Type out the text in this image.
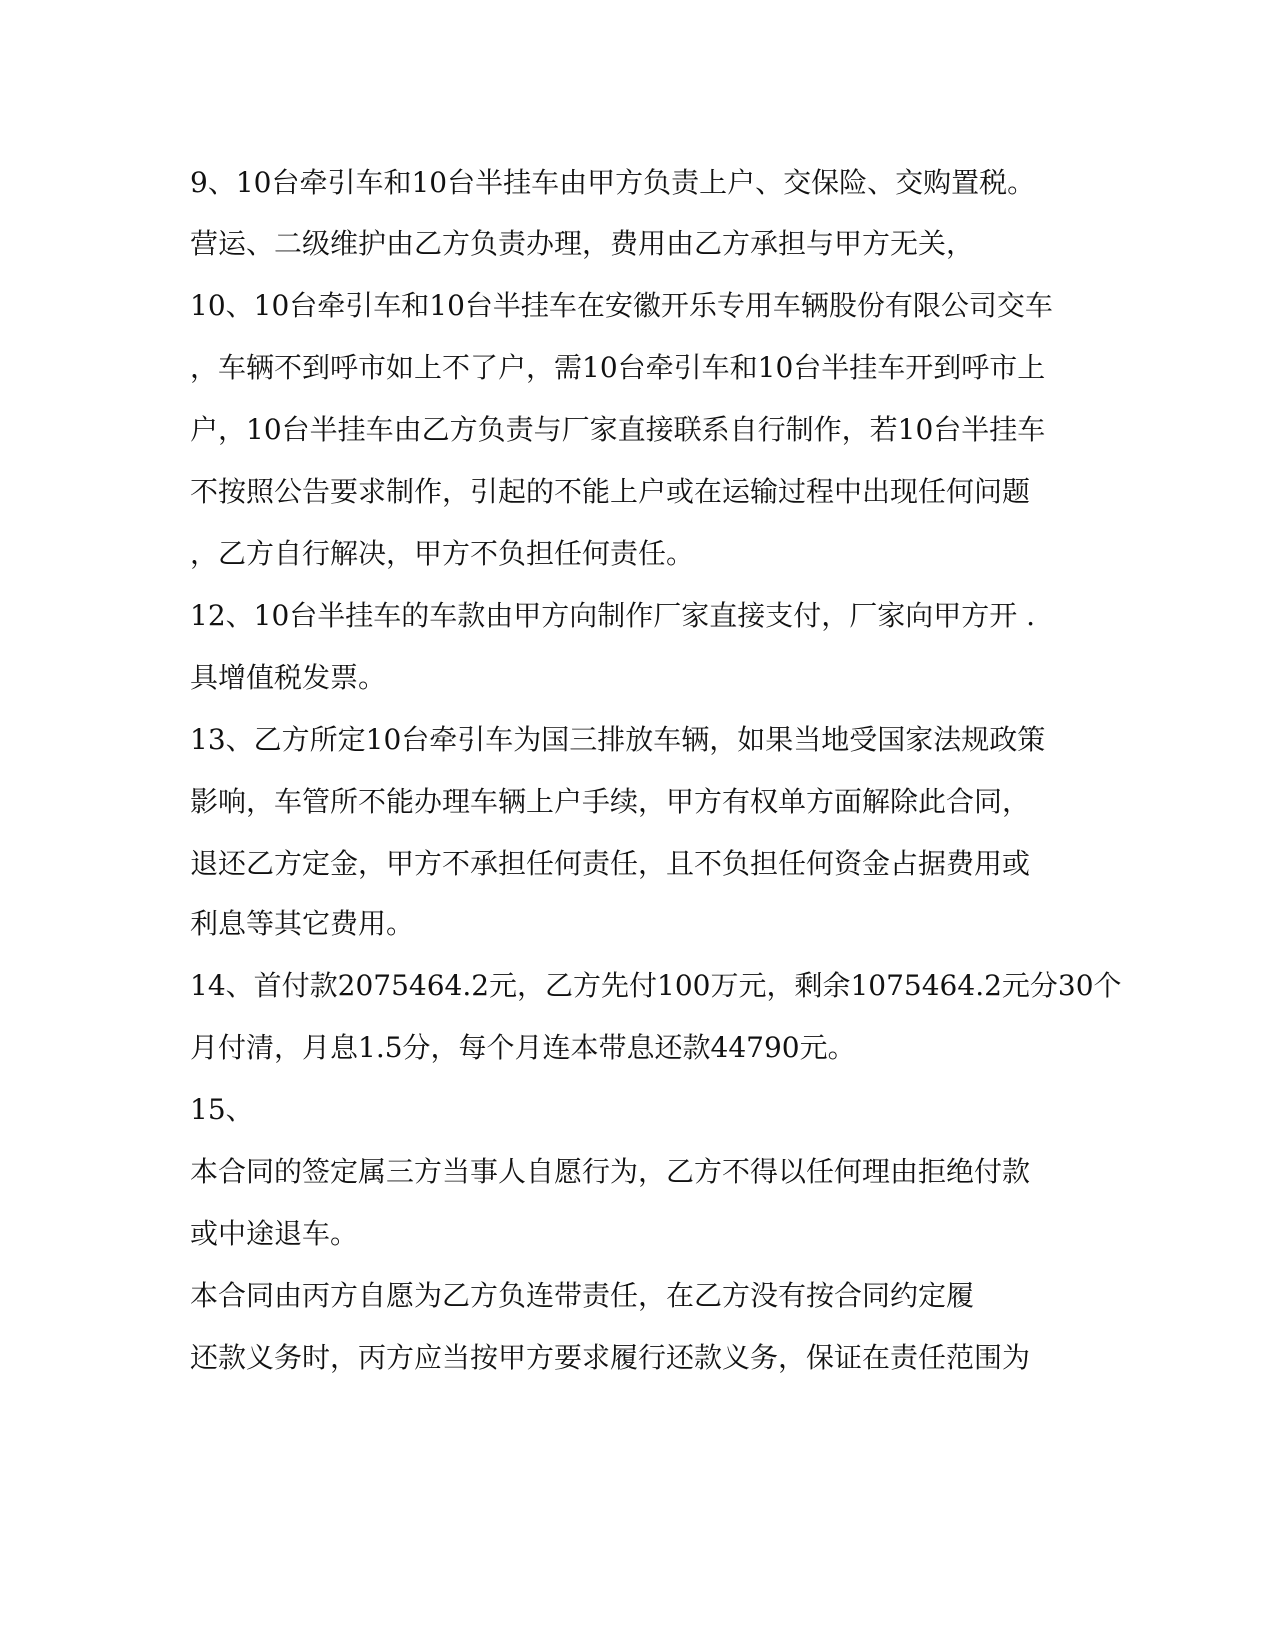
9、10台牵引车和10台半挂车由甲方负责上户、交保险、交购置税。
营运、二级维护由乙方负责办理，费用由乙方承担与甲方无关，
10、10台牵引车和10台半挂车在安徽开乐专用车辆股份有限公司交车
，车辆不到呼市如上不了户，需10台牵引车和10台半挂车开到呼市上
户，10台半挂车由乙方负责与厂家直接联系自行制作，若10台半挂车
不按照公告要求制作，引起的不能上户或在运输过程中出现任何问题
，乙方自行解决，甲方不负担任何责任。
12、10台半挂车的车款由甲方向制作厂家直接支付，厂家向甲方开 .
具增值税发票。
13、乙方所定10台牵引车为国三排放车辆，如果当地受国家法规政策
影响，车管所不能办理车辆上户手续，甲方有权单方面解除此合同，
退还乙方定金，甲方不承担任何责任，且不负担任何资金占据费用或
利息等其它费用。
14、首付款2075464.2元，乙方先付100万元，剩余1075464.2元分30个
月付清，月息1.5分，每个月连本带息还款44790元。
15、
本合同的签定属三方当事人自愿行为，乙方不得以任何理由拒绝付款
或中途退车。
本合同由丙方自愿为乙方负连带责任，在乙方没有按合同约定履
还款义务时，丙方应当按甲方要求履行还款义务，保证在责任范围为
